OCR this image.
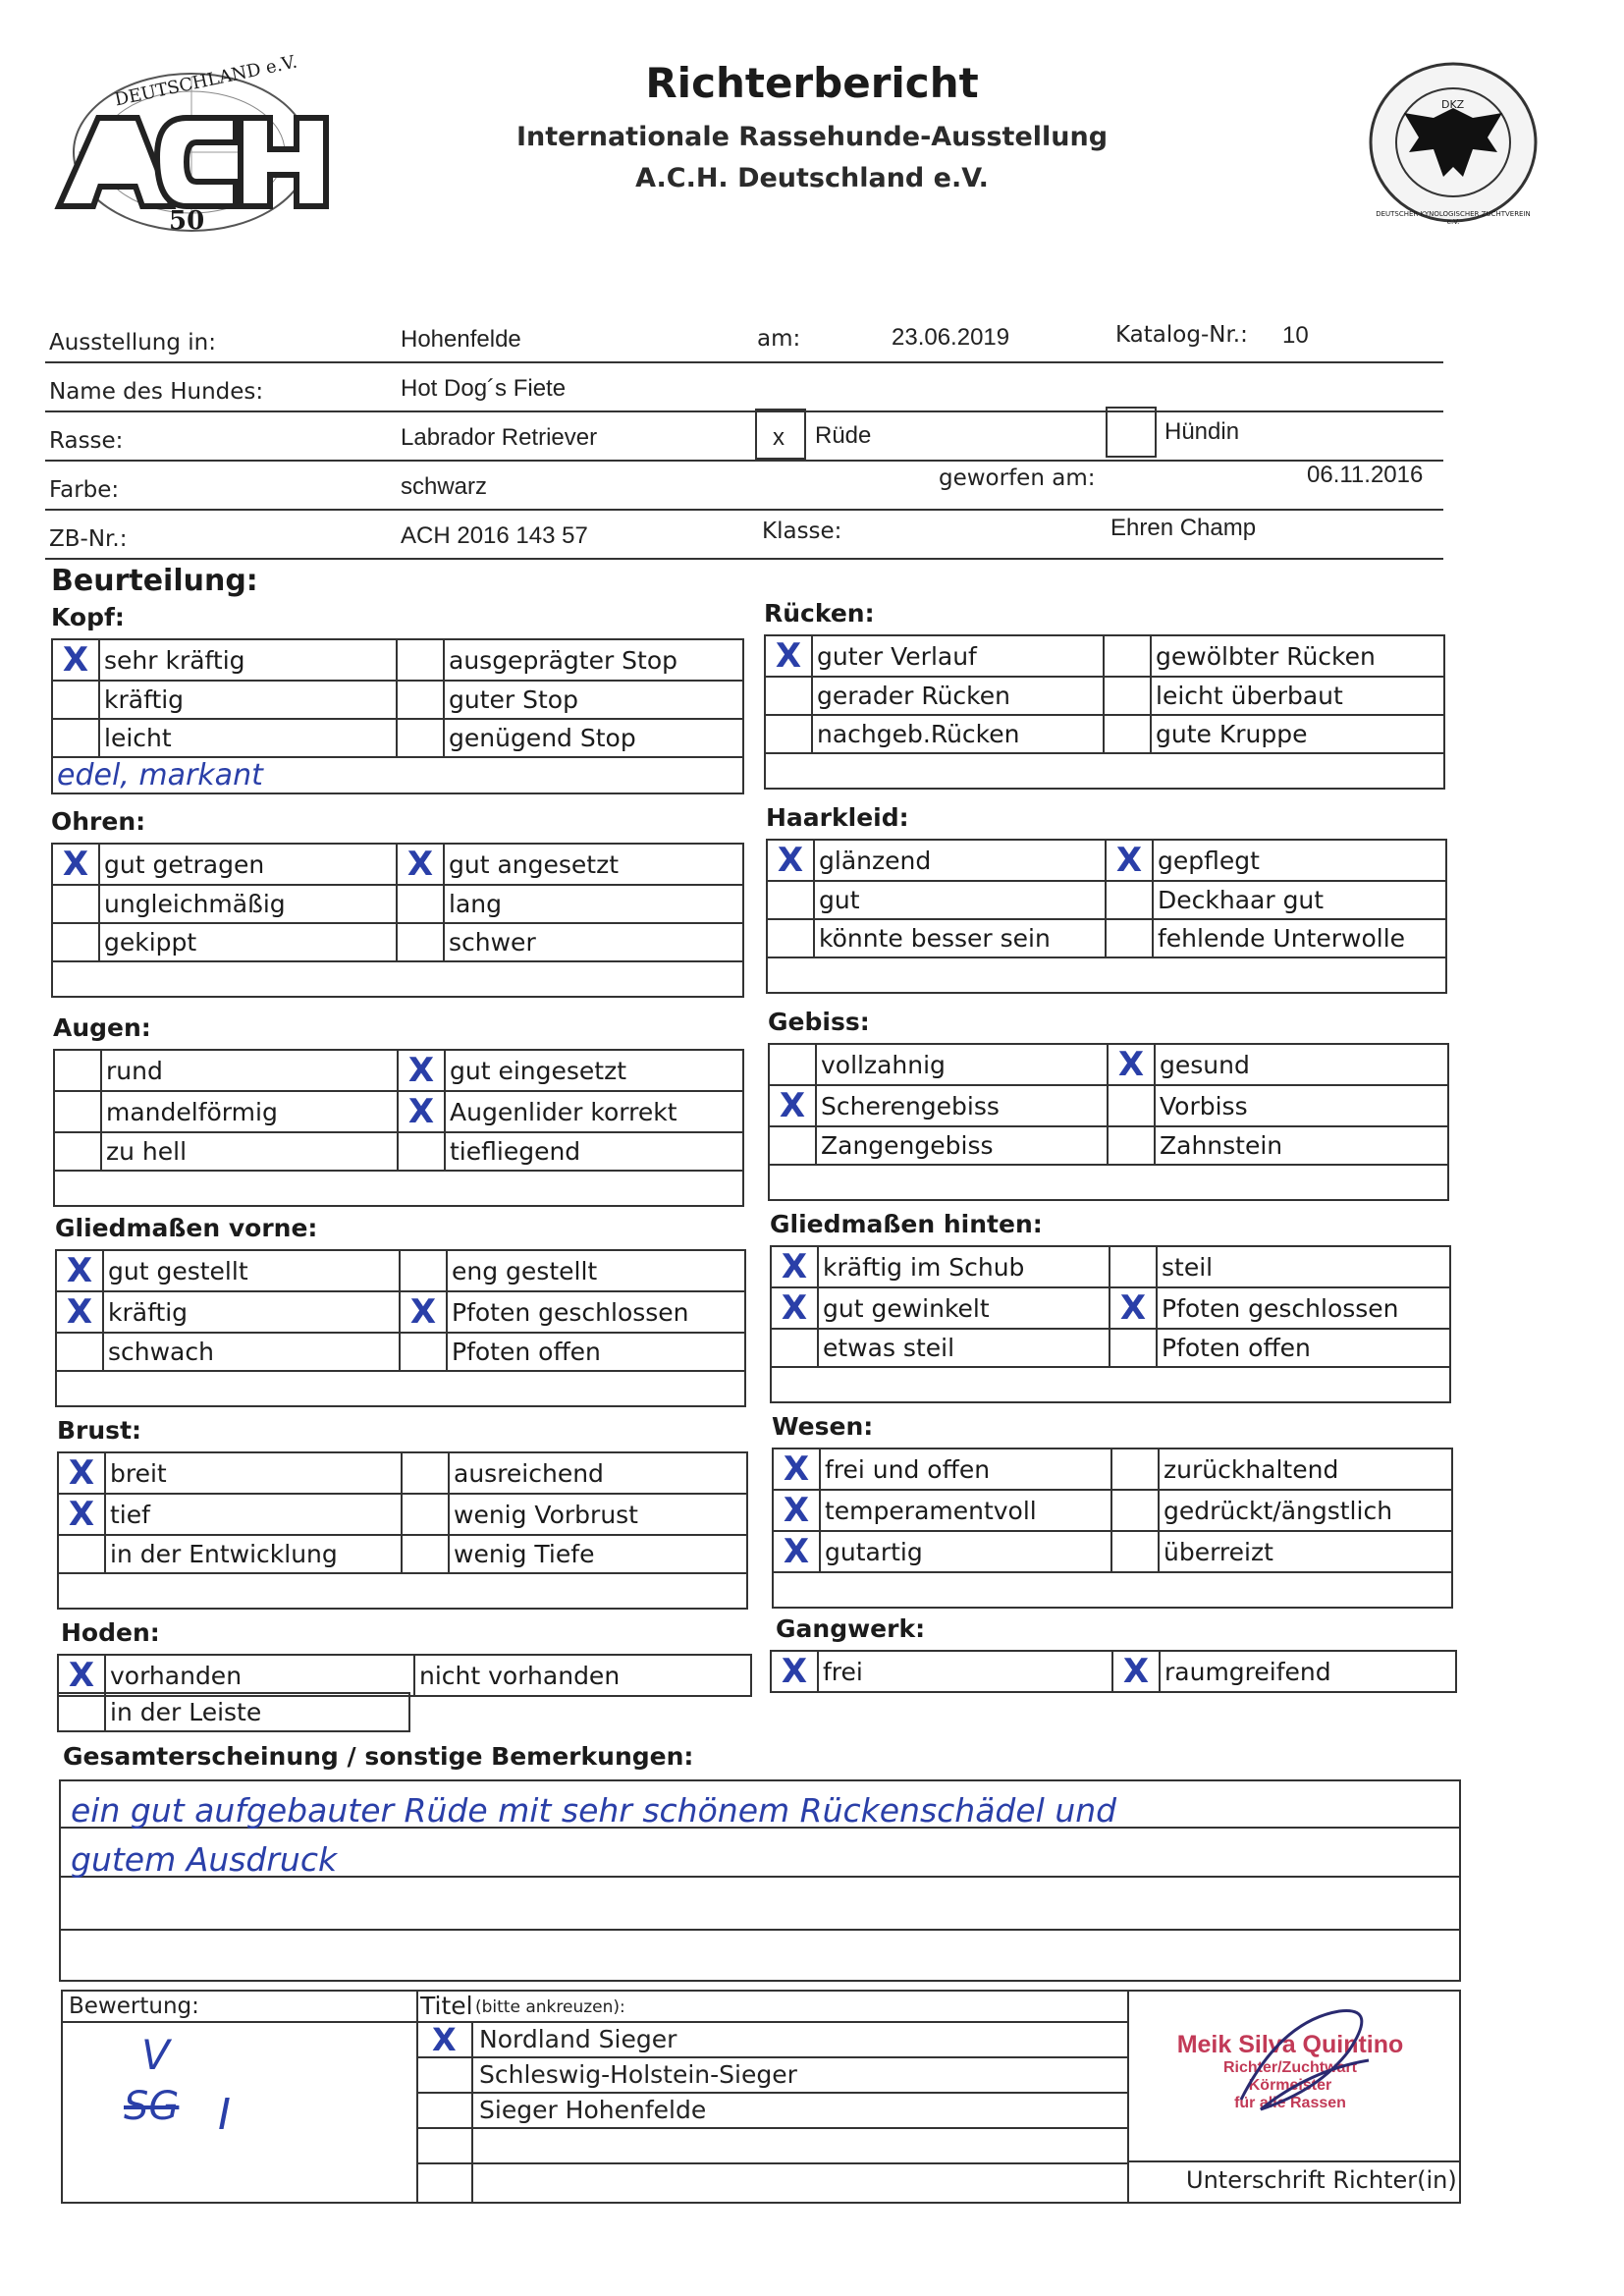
DEUTSCHLAND e.V.
50
Richterbericht
Internationale Rassehunde-Ausstellung
A.C.H. Deutschland e.V.
DKZ
DEUTSCHER KYNOLOGISCHER ZUCHTVEREIN e.V.
Ausstellung in:	Hohenfelde	am:	23.06.2019	Katalog-Nr.: 10
Name des Hundes:	Hot Dog´s Fiete
Rasse:	Labrador Retriever	x Rüde	Hündin
Farbe:	schwarz	geworfen am:	06.11.2016
ZB-Nr.:	ACH 2016 143 57	Klasse:	Ehren Champ
Beurteilung:
Kopf:
X	sehr kräftig		ausgeprägter Stop
	kräftig		guter Stop
	leicht		genügend Stop
edel, markant			
Rücken:
X	guter Verlauf		gewölbter Rücken
	gerader Rücken		leicht überbaut
	nachgeb.Rücken		gute Kruppe

Ohren:
X	gut getragen	X	gut angesetzt
	ungleichmäßig		lang
	gekippt		schwer

Haarkleid:
X	glänzend	X	gepflegt
	gut		Deckhaar gut
	könnte besser sein		fehlende Unterwolle

Augen:
	rund	X	gut eingesetzt
	mandelförmig	X	Augenlider korrekt
	zu hell		tiefliegend

Gebiss:
	vollzahnig	X	gesund
X	Scherengebiss		Vorbiss
	Zangengebiss		Zahnstein

Gliedmaßen vorne:
X	gut gestellt		eng gestellt
X	kräftig	X	Pfoten geschlossen
	schwach		Pfoten offen

Gliedmaßen hinten:
X	kräftig im Schub		steil
X	gut gewinkelt	X	Pfoten geschlossen
	etwas steil		Pfoten offen

Brust:
X	breit		ausreichend
X	tief		wenig Vorbrust
	in der Entwicklung		wenig Tiefe

Wesen:
X	frei und offen		zurückhaltend
X	temperamentvoll		gedrückt/ängstlich
X	gutartig		überreizt

Hoden:
X	vorhanden	nicht vorhanden
	in der Leiste
Gangwerk:
X	frei	X	raumgreifend
Gesamterscheinung / sonstige Bemerkungen:
ein gut aufgebauter Rüde mit sehr schönem Rückenschädel und
gutem Ausdruck
Bewertung:
V
SG I
Titel (bitte ankreuzen):
X Nordland Sieger
Schleswig-Holstein-Sieger
Sieger Hohenfelde
Meik Silva Quintino
Richter/Zuchtwart
Körmeister
für alle Rassen
Unterschrift Richter(in)
